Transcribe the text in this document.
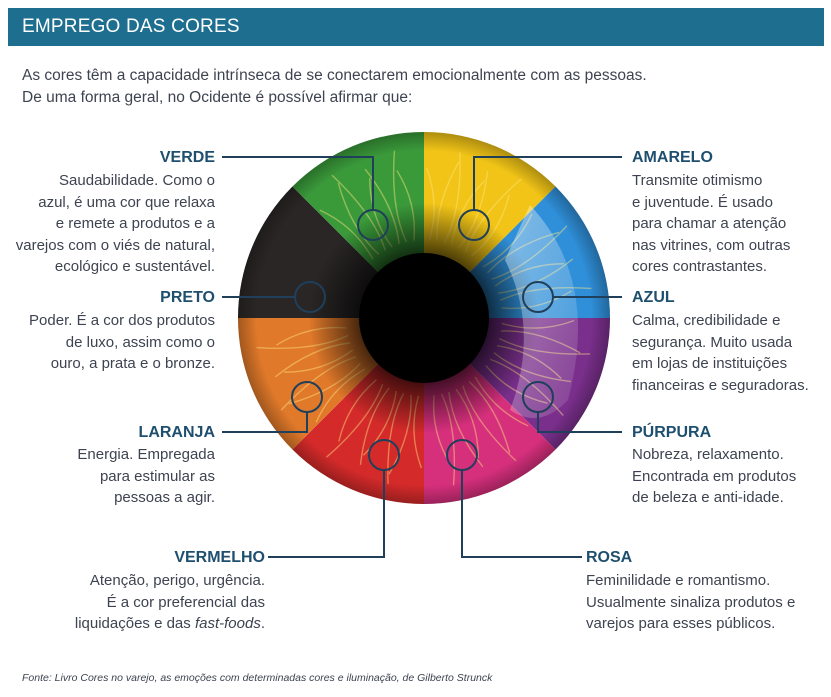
EMPREGO DAS CORES
As cores têm a capacidade intrínseca de se conectarem emocionalmente com as pessoas.
De uma forma geral, no Ocidente é possível afirmar que:
VERDE
Saudabilidade. Como o
azul, é uma cor que relaxa
e remete a produtos e a
varejos com o viés de natural,
ecológico e sustentável.
PRETO
Poder. É a cor dos produtos
de luxo, assim como o
ouro, a prata e o bronze.
LARANJA
Energia. Empregada
para estimular as
pessoas a agir.
VERMELHO
Atenção, perigo, urgência.
É a cor preferencial das
liquidações e das fast-foods.
AMARELO
Transmite otimismo
e juventude. É usado
para chamar a atenção
nas vitrines, com outras
cores contrastantes.
AZUL
Calma, credibilidade e
segurança. Muito usada
em lojas de instituições
financeiras e seguradoras.
PÚRPURA
Nobreza, relaxamento.
Encontrada em produtos
de beleza e anti-idade.
ROSA
Feminilidade e romantismo.
Usualmente sinaliza produtos e
varejos para esses públicos.
Fonte: Livro Cores no varejo, as emoções com determinadas cores e iluminação, de Gilberto Strunck
